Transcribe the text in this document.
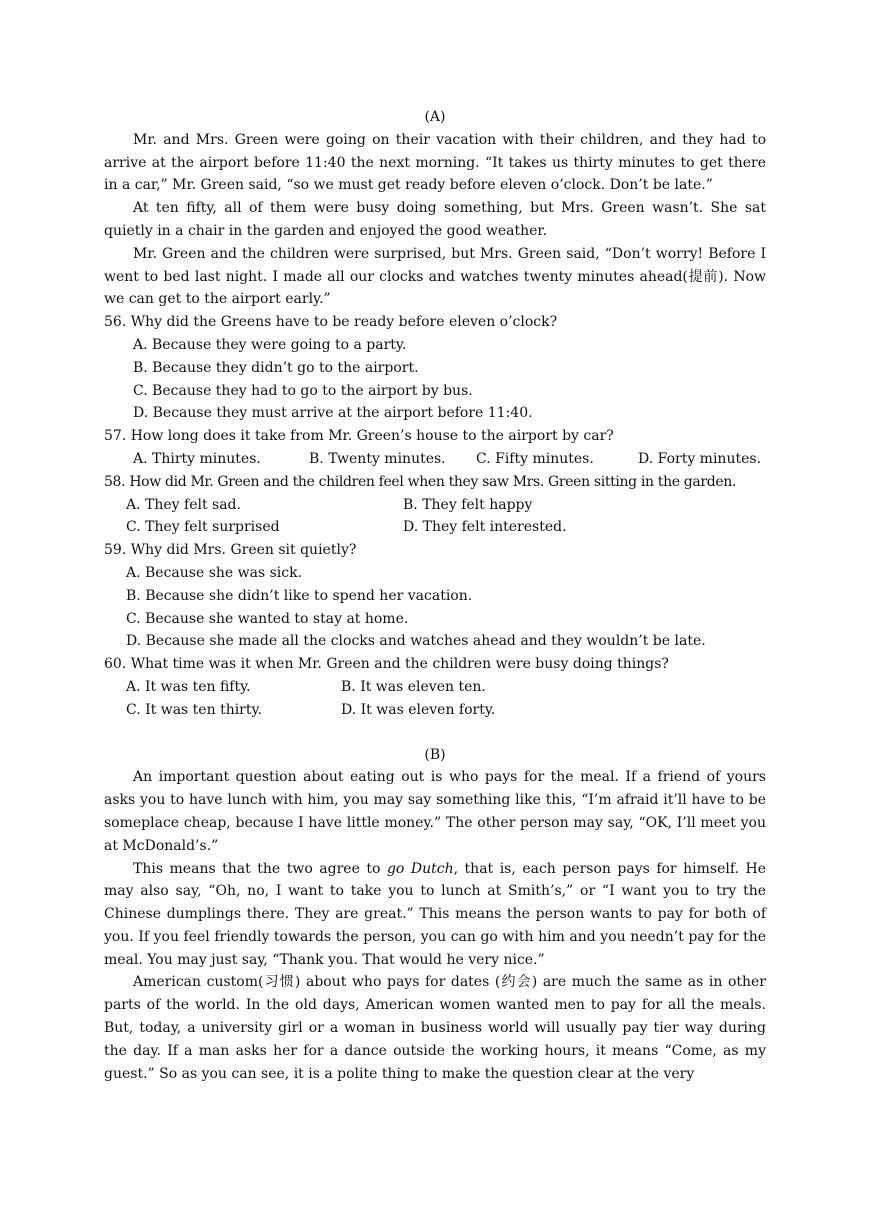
(A)

Mr. and Mrs. Green were going on their vacation with their children, and they had to arrive at the airport before 11:40 the next morning. “It takes us thirty minutes to get there in a car,” Mr. Green said, “so we must get ready before eleven o’clock. Don’t be late.”

At ten fifty, all of them were busy doing something, but Mrs. Green wasn’t. She sat quietly in a chair in the garden and enjoyed the good weather.

Mr. Green and the children were surprised, but Mrs. Green said, “Don’t worry! Before I went to bed last night. I made all our clocks and watches twenty minutes ahead(提前). Now we can get to the airport early.”

56. Why did the Greens have to be ready before eleven o’clock?

A. Because they were going to a party.

B. Because they didn’t go to the airport.

C. Because they had to go to the airport by bus.

D. Because they must arrive at the airport before 11:40.

57. How long does it take from Mr. Green’s house to the airport by car?

A. Thirty minutes.	B. Twenty minutes.	C. Fifty minutes.	D. Forty minutes.

58. How did Mr. Green and the children feel when they saw Mrs. Green sitting in the garden.

A. They felt sad.	B. They felt happy
C. They felt surprised	D. They felt interested.

59. Why did Mrs. Green sit quietly?

A. Because she was sick.

B. Because she didn’t like to spend her vacation.

C. Because she wanted to stay at home.

D. Because she made all the clocks and watches ahead and they wouldn’t be late.

60. What time was it when Mr. Green and the children were busy doing things?

A. It was ten fifty.	B. It was eleven ten.
C. It was ten thirty.	D. It was eleven forty.

(B)

An important question about eating out is who pays for the meal. If a friend of yours asks you to have lunch with him, you may say something like this, “I’m afraid it’ll have to be someplace cheap, because I have little money.” The other person may say, “OK, I’ll meet you at McDonald’s.”

This means that the two agree to go Dutch, that is, each person pays for himself. He may also say, “Oh, no, I want to take you to lunch at Smith’s,” or “I want you to try the Chinese dumplings there. They are great.” This means the person wants to pay for both of you. If you feel friendly towards the person, you can go with him and you needn’t pay for the meal. You may just say, “Thank you. That would he very nice.”

American custom(习惯) about who pays for dates (约会) are much the same as in other parts of the world. In the old days, American women wanted men to pay for all the meals. But, today, a university girl or a woman in business world will usually pay tier way during the day. If a man asks her for a dance outside the working hours, it means “Come, as my guest.” So as you can see, it is a polite thing to make the question clear at the very
